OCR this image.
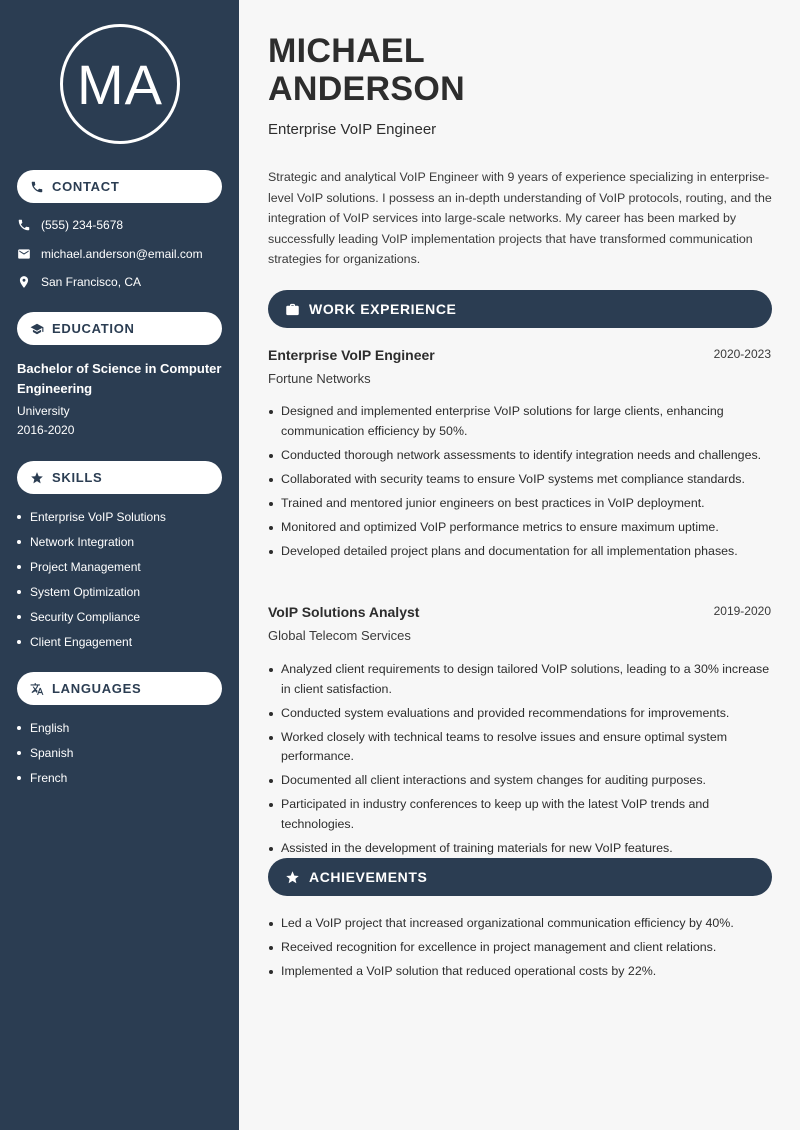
MA
CONTACT
(555) 234-5678
michael.anderson@email.com
San Francisco, CA
EDUCATION
Bachelor of Science in Computer Engineering
University
2016-2020
SKILLS
Enterprise VoIP Solutions
Network Integration
Project Management
System Optimization
Security Compliance
Client Engagement
LANGUAGES
English
Spanish
French
MICHAEL
ANDERSON
Enterprise VoIP Engineer

Strategic and analytical VoIP Engineer with 9 years of experience specializing in enterprise-level VoIP solutions. I possess an in-depth understanding of VoIP protocols, routing, and the integration of VoIP services into large-scale networks. My career has been marked by successfully leading VoIP implementation projects that have transformed communication strategies for organizations.

WORK EXPERIENCE
Enterprise VoIP Engineer	2020-2023
Fortune Networks
Designed and implemented enterprise VoIP solutions for large clients, enhancing communication efficiency by 50%.
Conducted thorough network assessments to identify integration needs and challenges.
Collaborated with security teams to ensure VoIP systems met compliance standards.
Trained and mentored junior engineers on best practices in VoIP deployment.
Monitored and optimized VoIP performance metrics to ensure maximum uptime.
Developed detailed project plans and documentation for all implementation phases.
VoIP Solutions Analyst	2019-2020
Global Telecom Services
Analyzed client requirements to design tailored VoIP solutions, leading to a 30% increase in client satisfaction.
Conducted system evaluations and provided recommendations for improvements.
Worked closely with technical teams to resolve issues and ensure optimal system performance.
Documented all client interactions and system changes for auditing purposes.
Participated in industry conferences to keep up with the latest VoIP trends and technologies.
Assisted in the development of training materials for new VoIP features.
ACHIEVEMENTS
Led a VoIP project that increased organizational communication efficiency by 40%.
Received recognition for excellence in project management and client relations.
Implemented a VoIP solution that reduced operational costs by 22%.
